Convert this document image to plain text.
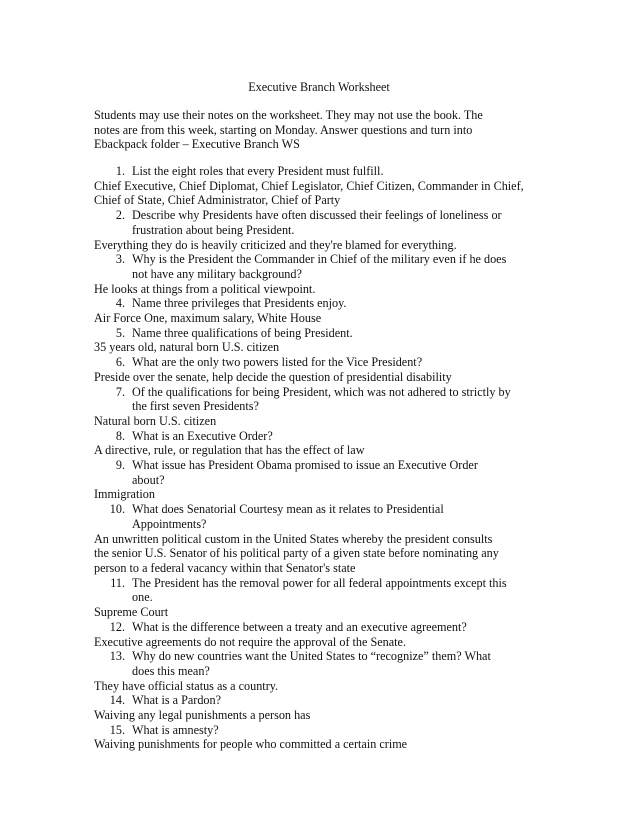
Executive Branch Worksheet
Students may use their notes on the worksheet. They may not use the book. The
notes are from this week, starting on Monday. Answer questions and turn into
Ebackpack folder – Executive Branch WS
1. List the eight roles that every President must fulfill.
Chief Executive, Chief Diplomat, Chief Legislator, Chief Citizen, Commander in Chief,
Chief of State, Chief Administrator, Chief of Party
2. Describe why Presidents have often discussed their feelings of loneliness or
frustration about being President.
Everything they do is heavily criticized and they're blamed for everything.
3. Why is the President the Commander in Chief of the military even if he does
not have any military background?
He looks at things from a political viewpoint.
4. Name three privileges that Presidents enjoy.
Air Force One, maximum salary, White House
5. Name three qualifications of being President.
35 years old, natural born U.S. citizen
6. What are the only two powers listed for the Vice President?
Preside over the senate, help decide the question of presidential disability
7. Of the qualifications for being President, which was not adhered to strictly by
the first seven Presidents?
Natural born U.S. citizen
8. What is an Executive Order?
A directive, rule, or regulation that has the effect of law
9. What issue has President Obama promised to issue an Executive Order
about?
Immigration
10. What does Senatorial Courtesy mean as it relates to Presidential
Appointments?
An unwritten political custom in the United States whereby the president consults
the senior U.S. Senator of his political party of a given state before nominating any
person to a federal vacancy within that Senator's state
11. The President has the removal power for all federal appointments except this
one.
Supreme Court
12. What is the difference between a treaty and an executive agreement?
Executive agreements do not require the approval of the Senate.
13. Why do new countries want the United States to “recognize” them? What
does this mean?
They have official status as a country.
14. What is a Pardon?
Waiving any legal punishments a person has
15. What is amnesty?
Waiving punishments for people who committed a certain crime
